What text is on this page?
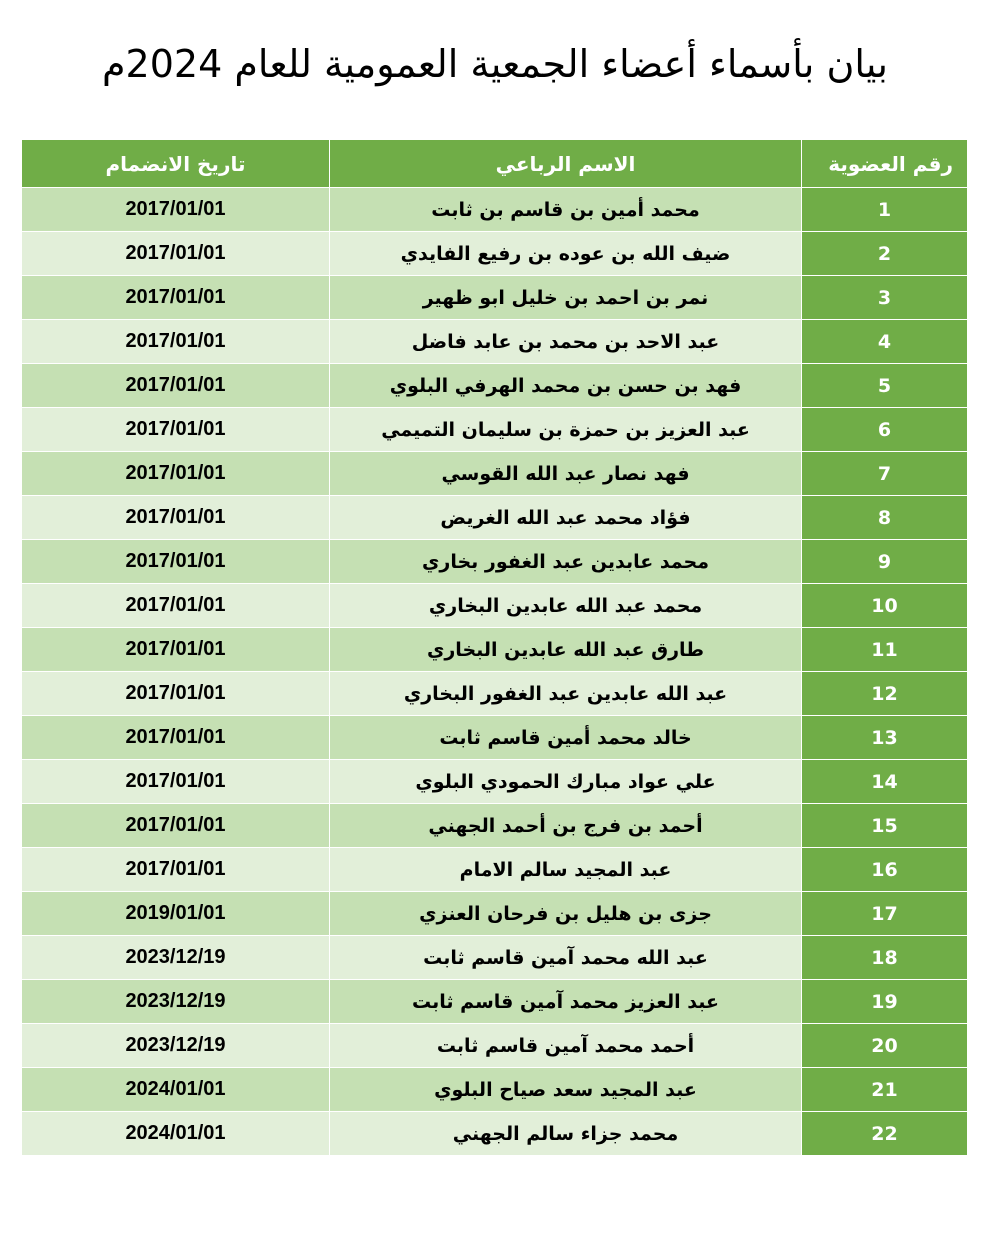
بيان بأسماء أعضاء الجمعية العمومية للعام 2024م
رقم العضوية	الاسم الرباعي	تاريخ الانضمام
1	محمد أمين بن قاسم بن ثابت	2017/01/01
2	ضيف الله بن عوده بن رفيع الفايدي	2017/01/01
3	نمر بن احمد بن خليل ابو ظهير	2017/01/01
4	عبد الاحد بن محمد بن عابد فاضل	2017/01/01
5	فهد بن حسن بن محمد الهرفي البلوي	2017/01/01
6	عبد العزيز بن حمزة بن سليمان التميمي	2017/01/01
7	فهد نصار عبد الله القوسي	2017/01/01
8	فؤاد محمد عبد الله الغريض	2017/01/01
9	محمد عابدين عبد الغفور بخاري	2017/01/01
10	محمد عبد الله عابدين البخاري	2017/01/01
11	طارق عبد الله عابدين البخاري	2017/01/01
12	عبد الله عابدين عبد الغفور البخاري	2017/01/01
13	خالد محمد أمين قاسم ثابت	2017/01/01
14	علي عواد مبارك الحمودي البلوي	2017/01/01
15	أحمد بن فرج بن أحمد الجهني	2017/01/01
16	عبد المجيد سالم الامام	2017/01/01
17	جزى بن هليل بن فرحان العنزي	2019/01/01
18	عبد الله محمد آمين قاسم ثابت	2023/12/19
19	عبد العزيز محمد آمين قاسم ثابت	2023/12/19
20	أحمد محمد آمين قاسم ثابت	2023/12/19
21	عبد المجيد سعد صياح البلوي	2024/01/01
22	محمد جزاء سالم الجهني	2024/01/01
